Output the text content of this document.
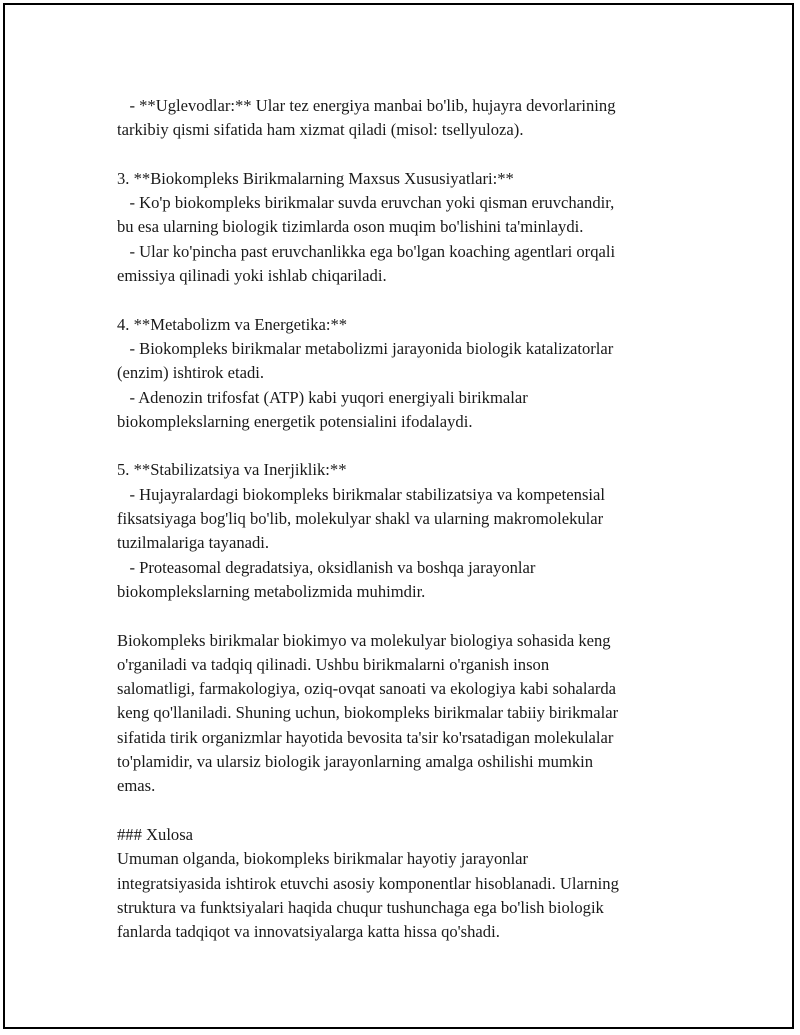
- **Uglevodlar:** Ular tez energiya manbai bo'lib, hujayra devorlarining
tarkibiy qismi sifatida ham xizmat qiladi (misol: tsellyuloza).
3. **Biokompleks Birikmalarning Maxsus Xususiyatlari:**
- Ko'p biokompleks birikmalar suvda eruvchan yoki qisman eruvchandir,
bu esa ularning biologik tizimlarda oson muqim bo'lishini ta'minlaydi.
- Ular ko'pincha past eruvchanlikka ega bo'lgan koaching agentlari orqali
emissiya qilinadi yoki ishlab chiqariladi.
4. **Metabolizm va Energetika:**
- Biokompleks birikmalar metabolizmi jarayonida biologik katalizatorlar
(enzim) ishtirok etadi.
- Adenozin trifosfat (ATP) kabi yuqori energiyali birikmalar
biokomplekslarning energetik potensialini ifodalaydi.
5. **Stabilizatsiya va Inerjiklik:**
- Hujayralardagi biokompleks birikmalar stabilizatsiya va kompetensial
fiksatsiyaga bog'liq bo'lib, molekulyar shakl va ularning makromolekular
tuzilmalariga tayanadi.
- Proteasomal degradatsiya, oksidlanish va boshqa jarayonlar
biokomplekslarning metabolizmida muhimdir.
Biokompleks birikmalar biokimyo va molekulyar biologiya sohasida keng
o'rganiladi va tadqiq qilinadi. Ushbu birikmalarni o'rganish inson
salomatligi, farmakologiya, oziq-ovqat sanoati va ekologiya kabi sohalarda
keng qo'llaniladi. Shuning uchun, biokompleks birikmalar tabiiy birikmalar
sifatida tirik organizmlar hayotida bevosita ta'sir ko'rsatadigan molekulalar
to'plamidir, va ularsiz biologik jarayonlarning amalga oshilishi mumkin
emas.
### Xulosa
Umuman olganda, biokompleks birikmalar hayotiy jarayonlar
integratsiyasida ishtirok etuvchi asosiy komponentlar hisoblanadi. Ularning
struktura va funktsiyalari haqida chuqur tushunchaga ega bo'lish biologik
fanlarda tadqiqot va innovatsiyalarga katta hissa qo'shadi.
